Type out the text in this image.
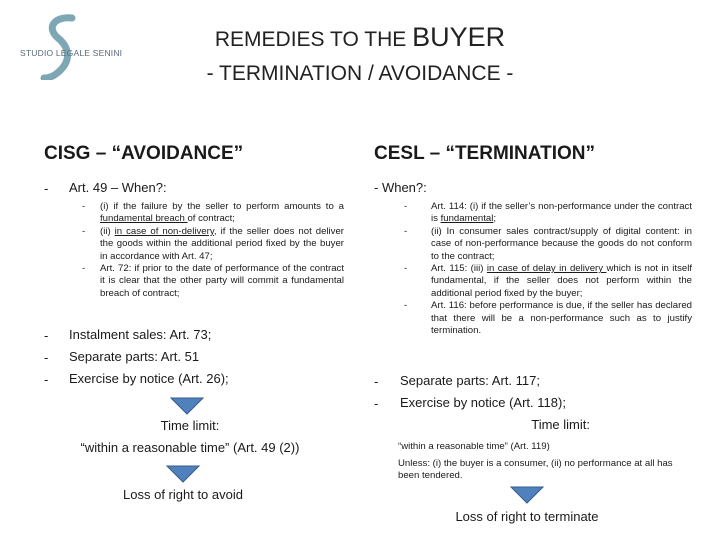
STUDIO LEGALE SENINI
REMEDIES TO THE BUYER
- TERMINATION / AVOIDANCE -
CISG – “AVOIDANCE”
- Art. 49 – When?:
-	(i) if the failure by the seller to perform amounts to a fundamental breach of contract;
-	(ii) in case of non-delivery, if the seller does not deliver the goods within the additional period fixed by the buyer in accordance with Art. 47;
-	Art. 72: if prior to the date of performance of the contract it is clear that the other party will commit a fundamental breach of contract;
- Instalment sales: Art. 73;
- Separate parts: Art. 51
- Exercise by notice (Art. 26);
Time limit:
“within a reasonable time” (Art. 49 (2))
Loss of right to avoid
CESL – “TERMINATION”
- When?:
-	Art. 114: (i) if the seller’s non-performance under the contract is fundamental;
-	(ii) In consumer sales contract/supply of digital content: in case of non-performance because the goods do not conform to the contract;
-	Art. 115: (iii) in case of delay in delivery which is not in itself fundamental, if the seller does not perform within the additional period fixed by the buyer;
-	Art. 116: before performance is due, if the seller has declared that there will be a non-performance such as to justify termination.
- Separate parts: Art. 117;
- Exercise by notice (Art. 118);
Time limit:
“within a reasonable time” (Art. 119)
Unless: (i) the buyer is a consumer, (ii) no performance at all has been tendered.
Loss of right to terminate
